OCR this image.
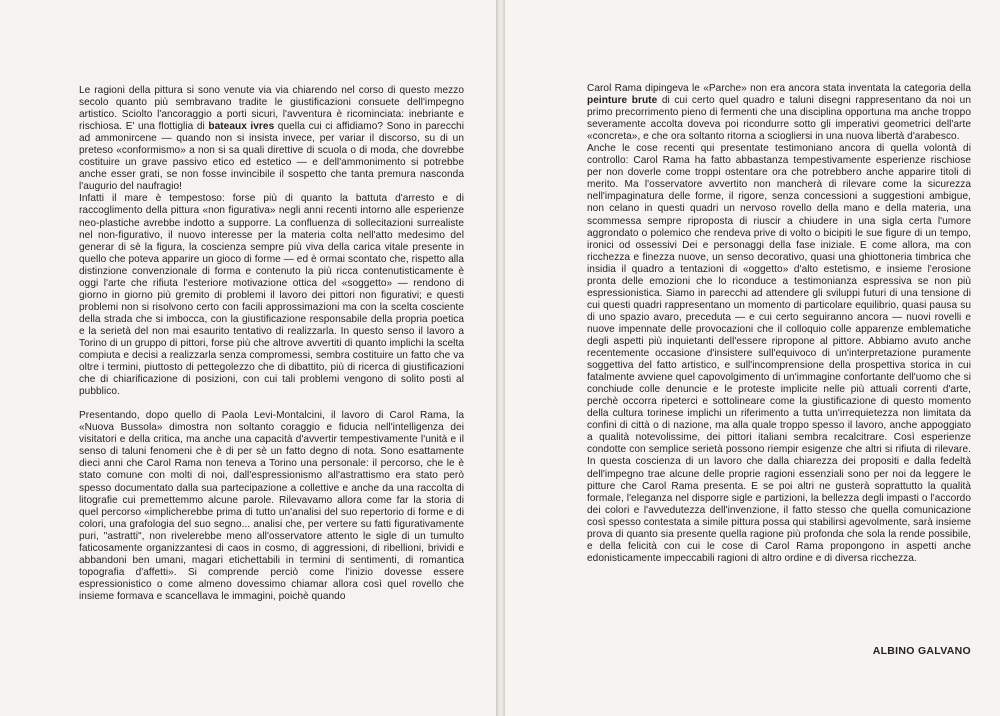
Le ragioni della pittura si sono venute via via chiarendo nel corso di questo mezzo secolo quanto più sembravano tradite le giustificazioni consuete dell'impegno artistico. Sciolto l'ancoraggio a porti sicuri, l'avventura è ricominciata: inebriante e rischiosa. E' una flottiglia di bateaux ivres quella cui ci affidiamo? Sono in parecchi ad ammonircene — quando non si insista invece, per variar il discorso, su di un preteso «conformismo» a non si sa quali direttive di scuola o di moda, che dovrebbe costituire un grave passivo etico ed estetico — e dell'ammonimento si potrebbe anche esser grati, se non fosse invincibile il sospetto che tanta premura nasconda l'augurio del naufragio!

Infatti il mare è tempestoso: forse più di quanto la battuta d'arresto e di raccoglimento della pittura «non figurativa» negli anni recenti intorno alle esperienze neo-plastiche avrebbe indotto a supporre. La confluenza di sollecitazioni surrealiste nel non-figurativo, il nuovo interesse per la materia colta nell'atto medesimo del generar di sè la figura, la coscienza sempre più viva della carica vitale presente in quello che poteva apparire un gioco di forme — ed è ormai scontato che, rispetto alla distinzione convenzionale di forma e contenuto la più ricca contenutisticamente è oggi l'arte che rifiuta l'esteriore motivazione ottica del «soggetto» — rendono di giorno in giorno più gremito di problemi il lavoro dei pittori non figurativi; e questi problemi non si risolvono certo con facili approssimazioni ma con la scelta cosciente della strada che si imbocca, con la giustificazione responsabile della propria poetica e la serietà del non mai esaurito tentativo di realizzarla. In questo senso il lavoro a Torino di un gruppo di pittori, forse più che altrove avvertiti di quanto implichi la scelta compiuta e decisi a realizzarla senza compromessi, sembra costituire un fatto che va oltre i termini, piuttosto di pettegolezzo che di dibattito, più di ricerca di giustificazioni che di chiarificazione di posizioni, con cui tali problemi vengono di solito posti al pubblico.

Presentando, dopo quello di Paola Levi-Montalcini, il lavoro di Carol Rama, la «Nuova Bussola» dimostra non soltanto coraggio e fiducia nell'intelligenza dei visitatori e della critica, ma anche una capacità d'avvertir tempestivamente l'unità e il senso di taluni fenomeni che è di per sè un fatto degno di nota. Sono esattamente dieci anni che Carol Rama non teneva a Torino una personale: il percorso, che le è stato comune con molti di noi, dall'espressionismo all'astrattismo era stato però spesso documentato dalla sua partecipazione a collettive e anche da una raccolta di litografie cui premettemmo alcune parole. Rilevavamo allora come far la storia di quel percorso «implicherebbe prima di tutto un'analisi del suo repertorio di forme e di colori, una grafologia del suo segno... analisi che, per vertere su fatti figurativamente puri, "astratti", non rivelerebbe meno all'osservatore attento le sigle di un tumulto faticosamente organizzantesi di caos in cosmo, di aggressioni, di ribellioni, brividi e abbandoni ben umani, magari etichettabili in termini di sentimenti, di romantica topografia d'affetti». Si comprende perciò come l'inizio dovesse essere espressionistico o come almeno dovessimo chiamar allora così quel rovello che insieme formava e scancellava le immagini, poichè quando

Carol Rama dipingeva le «Parche» non era ancora stata inventata la categoria della peinture brute di cui certo quel quadro e taluni disegni rappresentano da noi un primo precorrimento pieno di fermenti che una disciplina opportuna ma anche troppo severamente accolta doveva poi ricondurre sotto gli imperativi geometrici dell'arte «concreta», e che ora soltanto ritorna a sciogliersi in una nuova libertà d'arabesco.

Anche le cose recenti qui presentate testimoniano ancora di quella volontà di controllo: Carol Rama ha fatto abbastanza tempestivamente esperienze rischiose per non doverle come troppi ostentare ora che potrebbero anche apparire titoli di merito. Ma l'osservatore avvertito non mancherà di rilevare come la sicurezza nell'impaginatura delle forme, il rigore, senza concessioni a suggestioni ambigue, non celano in questi quadri un nervoso rovello della mano e della materia, una scommessa sempre riproposta di riuscir a chiudere in una sigla certa l'umore aggrondato o polemico che rendeva prive di volto o bicipiti le sue figure di un tempo, ironici od ossessivi Dei e personaggi della fase iniziale. E come allora, ma con ricchezza e finezza nuove, un senso decorativo, quasi una ghiottoneria timbrica che insidia il quadro a tentazioni di «oggetto» d'alto estetismo, e insieme l'erosione pronta delle emozioni che lo riconduce a testimonianza espressiva se non più espressionistica. Siamo in parecchi ad attendere gli sviluppi futuri di una tensione di cui questi quadri rappresentano un momento di particolare equilibrio, quasi pausa su di uno spazio avaro, preceduta — e cui certo seguiranno ancora — nuovi rovelli e nuove impennate delle provocazioni che il colloquio colle apparenze emblematiche degli aspetti più inquietanti dell'essere ripropone al pittore. Abbiamo avuto anche recentemente occasione d'insistere sull'equivoco di un'interpretazione puramente soggettiva del fatto artistico, e sull'incomprensione della prospettiva storica in cui fatalmente avviene quel capovolgimento di un'immagine confortante dell'uomo che si conchiude colle denuncie e le proteste implicite nelle più attuali correnti d'arte, perchè occorra ripeterci e sottolineare come la giustificazione di questo momento della cultura torinese implichi un riferimento a tutta un'irrequietezza non limitata da confini di città o di nazione, ma alla quale troppo spesso il lavoro, anche appoggiato a qualità notevolissime, dei pittori italiani sembra recalcitrare. Così esperienze condotte con semplice serietà possono riempir esigenze che altri si rifiuta di rilevare. In questa coscienza di un lavoro che dalla chiarezza dei propositi e dalla fedeltà dell'impegno trae alcune delle proprie ragioni essenziali sono per noi da leggere le pitture che Carol Rama presenta. E se poi altri ne gusterà soprattutto la qualità formale, l'eleganza nel disporre sigle e partizioni, la bellezza degli impasti o l'accordo dei colori e l'avvedutezza dell'invenzione, il fatto stesso che quella comunicazione così spesso contestata a simile pittura possa qui stabilirsi agevolmente, sarà insieme prova di quanto sia presente quella ragione più profonda che sola la rende possibile, e della felicità con cui le cose di Carol Rama propongono in aspetti anche edonisticamente impeccabili ragioni di altro ordine e di diversa ricchezza.

ALBINO GALVANO
